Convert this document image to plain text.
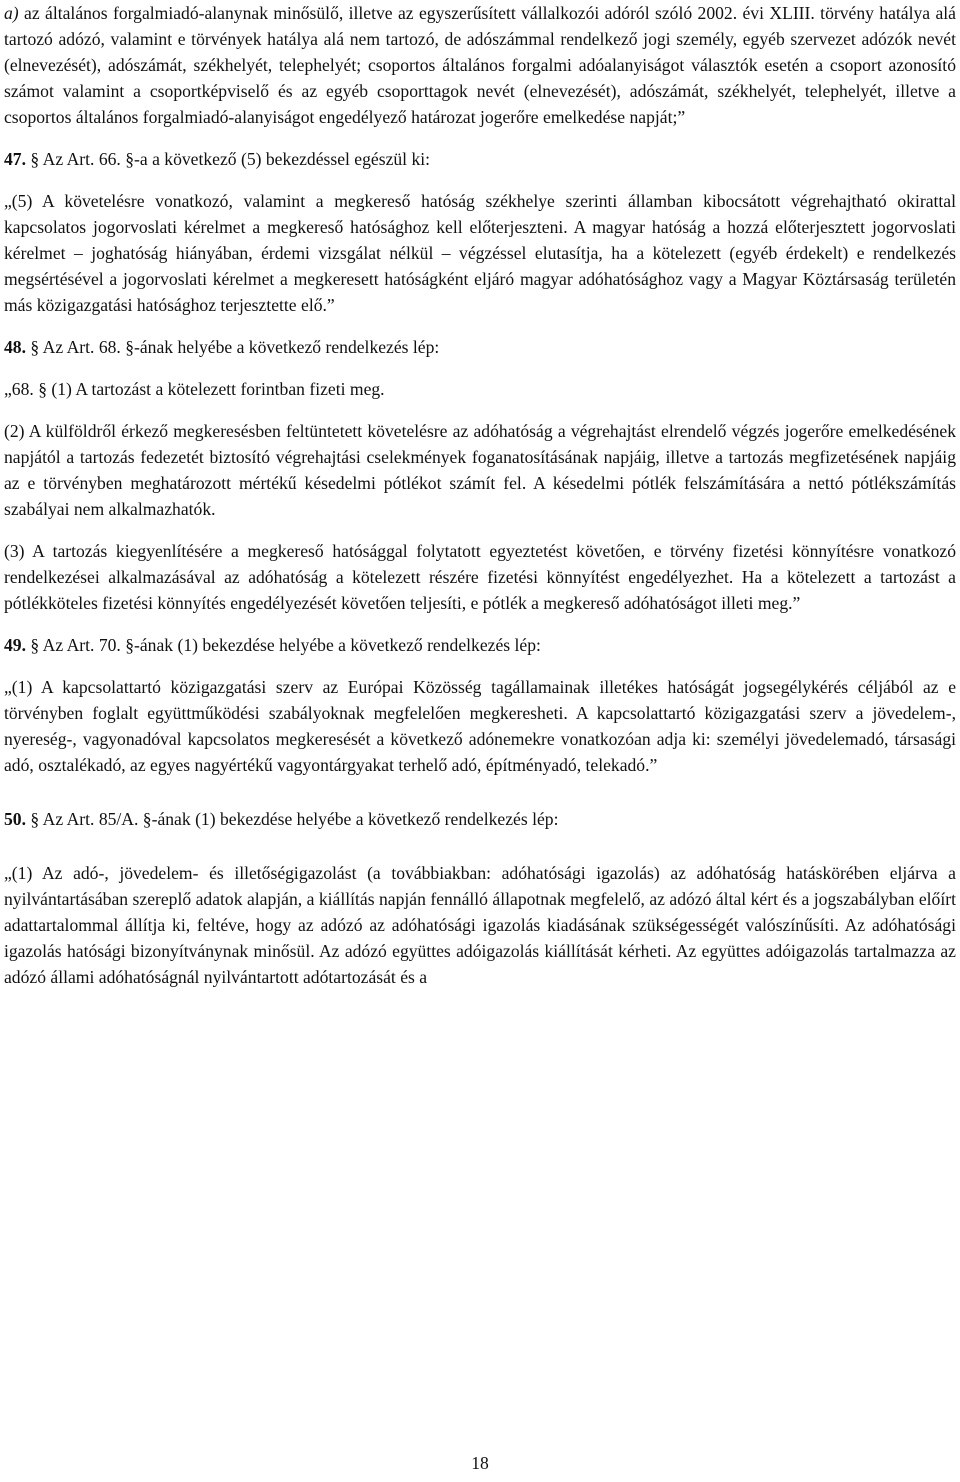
a) az általános forgalmiadó-alanynak minősülő, illetve az egyszerűsített vállalkozói adóról szóló 2002. évi XLIII. törvény hatálya alá tartozó adózó, valamint e törvények hatálya alá nem tartozó, de adószámmal rendelkező jogi személy, egyéb szervezet adózók nevét (elnevezését), adószámát, székhelyét, telephelyét; csoportos általános forgalmi adóalanyiságot választók esetén a csoport azonosító számot valamint a csoportképviselő és az egyéb csoporttagok nevét (elnevezését), adószámát, székhelyét, telephelyét, illetve a csoportos általános forgalmiadó-alanyiságot engedélyező határozat jogerőre emelkedése napját;”

47. § Az Art. 66. §-a a következő (5) bekezdéssel egészül ki:

„(5) A követelésre vonatkozó, valamint a megkereső hatóság székhelye szerinti államban kibocsátott végrehajtható okirattal kapcsolatos jogorvoslati kérelmet a megkereső hatósághoz kell előterjeszteni. A magyar hatóság a hozzá előterjesztett jogorvoslati kérelmet – joghatóság hiányában, érdemi vizsgálat nélkül – végzéssel elutasítja, ha a kötelezett (egyéb érdekelt) e rendelkezés megsértésével a jogorvoslati kérelmet a megkeresett hatóságként eljáró magyar adóhatósághoz vagy a Magyar Köztársaság területén más közigazgatási hatósághoz terjesztette elő.”

48. § Az Art. 68. §-ának helyébe a következő rendelkezés lép:

„68. § (1) A tartozást a kötelezett forintban fizeti meg.

(2) A külföldről érkező megkeresésben feltüntetett követelésre az adóhatóság a végrehajtást elrendelő végzés jogerőre emelkedésének napjától a tartozás fedezetét biztosító végrehajtási cselekmények foganatosításának napjáig, illetve a tartozás megfizetésének napjáig az e törvényben meghatározott mértékű késedelmi pótlékot számít fel. A késedelmi pótlék felszámítására a nettó pótlékszámítás szabályai nem alkalmazhatók.

(3) A tartozás kiegyenlítésére a megkereső hatósággal folytatott egyeztetést követően, e törvény fizetési könnyítésre vonatkozó rendelkezései alkalmazásával az adóhatóság a kötelezett részére fizetési könnyítést engedélyezhet. Ha a kötelezett a tartozást a pótlékköteles fizetési könnyítés engedélyezését követően teljesíti, e pótlék a megkereső adóhatóságot illeti meg.”

49. § Az Art. 70. §-ának (1) bekezdése helyébe a következő rendelkezés lép:

„(1) A kapcsolattartó közigazgatási szerv az Európai Közösség tagállamainak illetékes hatóságát jogsegélykérés céljából az e törvényben foglalt együttműködési szabályoknak megfelelően megkeresheti. A kapcsolattartó közigazgatási szerv a jövedelem-, nyereség-, vagyonadóval kapcsolatos megkeresését a következő adónemekre vonatkozóan adja ki: személyi jövedelemadó, társasági adó, osztalékadó, az egyes nagyértékű vagyontárgyakat terhelő adó, építményadó, telekadó.”

50. § Az Art. 85/A. §-ának (1) bekezdése helyébe a következő rendelkezés lép:

„(1) Az adó-, jövedelem- és illetőségigazolást (a továbbiakban: adóhatósági igazolás) az adóhatóság hatáskörében eljárva a nyilvántartásában szereplő adatok alapján, a kiállítás napján fennálló állapotnak megfelelő, az adózó által kért és a jogszabályban előírt adattartalommal állítja ki, feltéve, hogy az adózó az adóhatósági igazolás kiadásának szükségességét valószínűsíti. Az adóhatósági igazolás hatósági bizonyítványnak minősül. Az adózó együttes adóigazolás kiállítását kérheti. Az együttes adóigazolás tartalmazza az adózó állami adóhatóságnál nyilvántartott adótartozását és a

18
